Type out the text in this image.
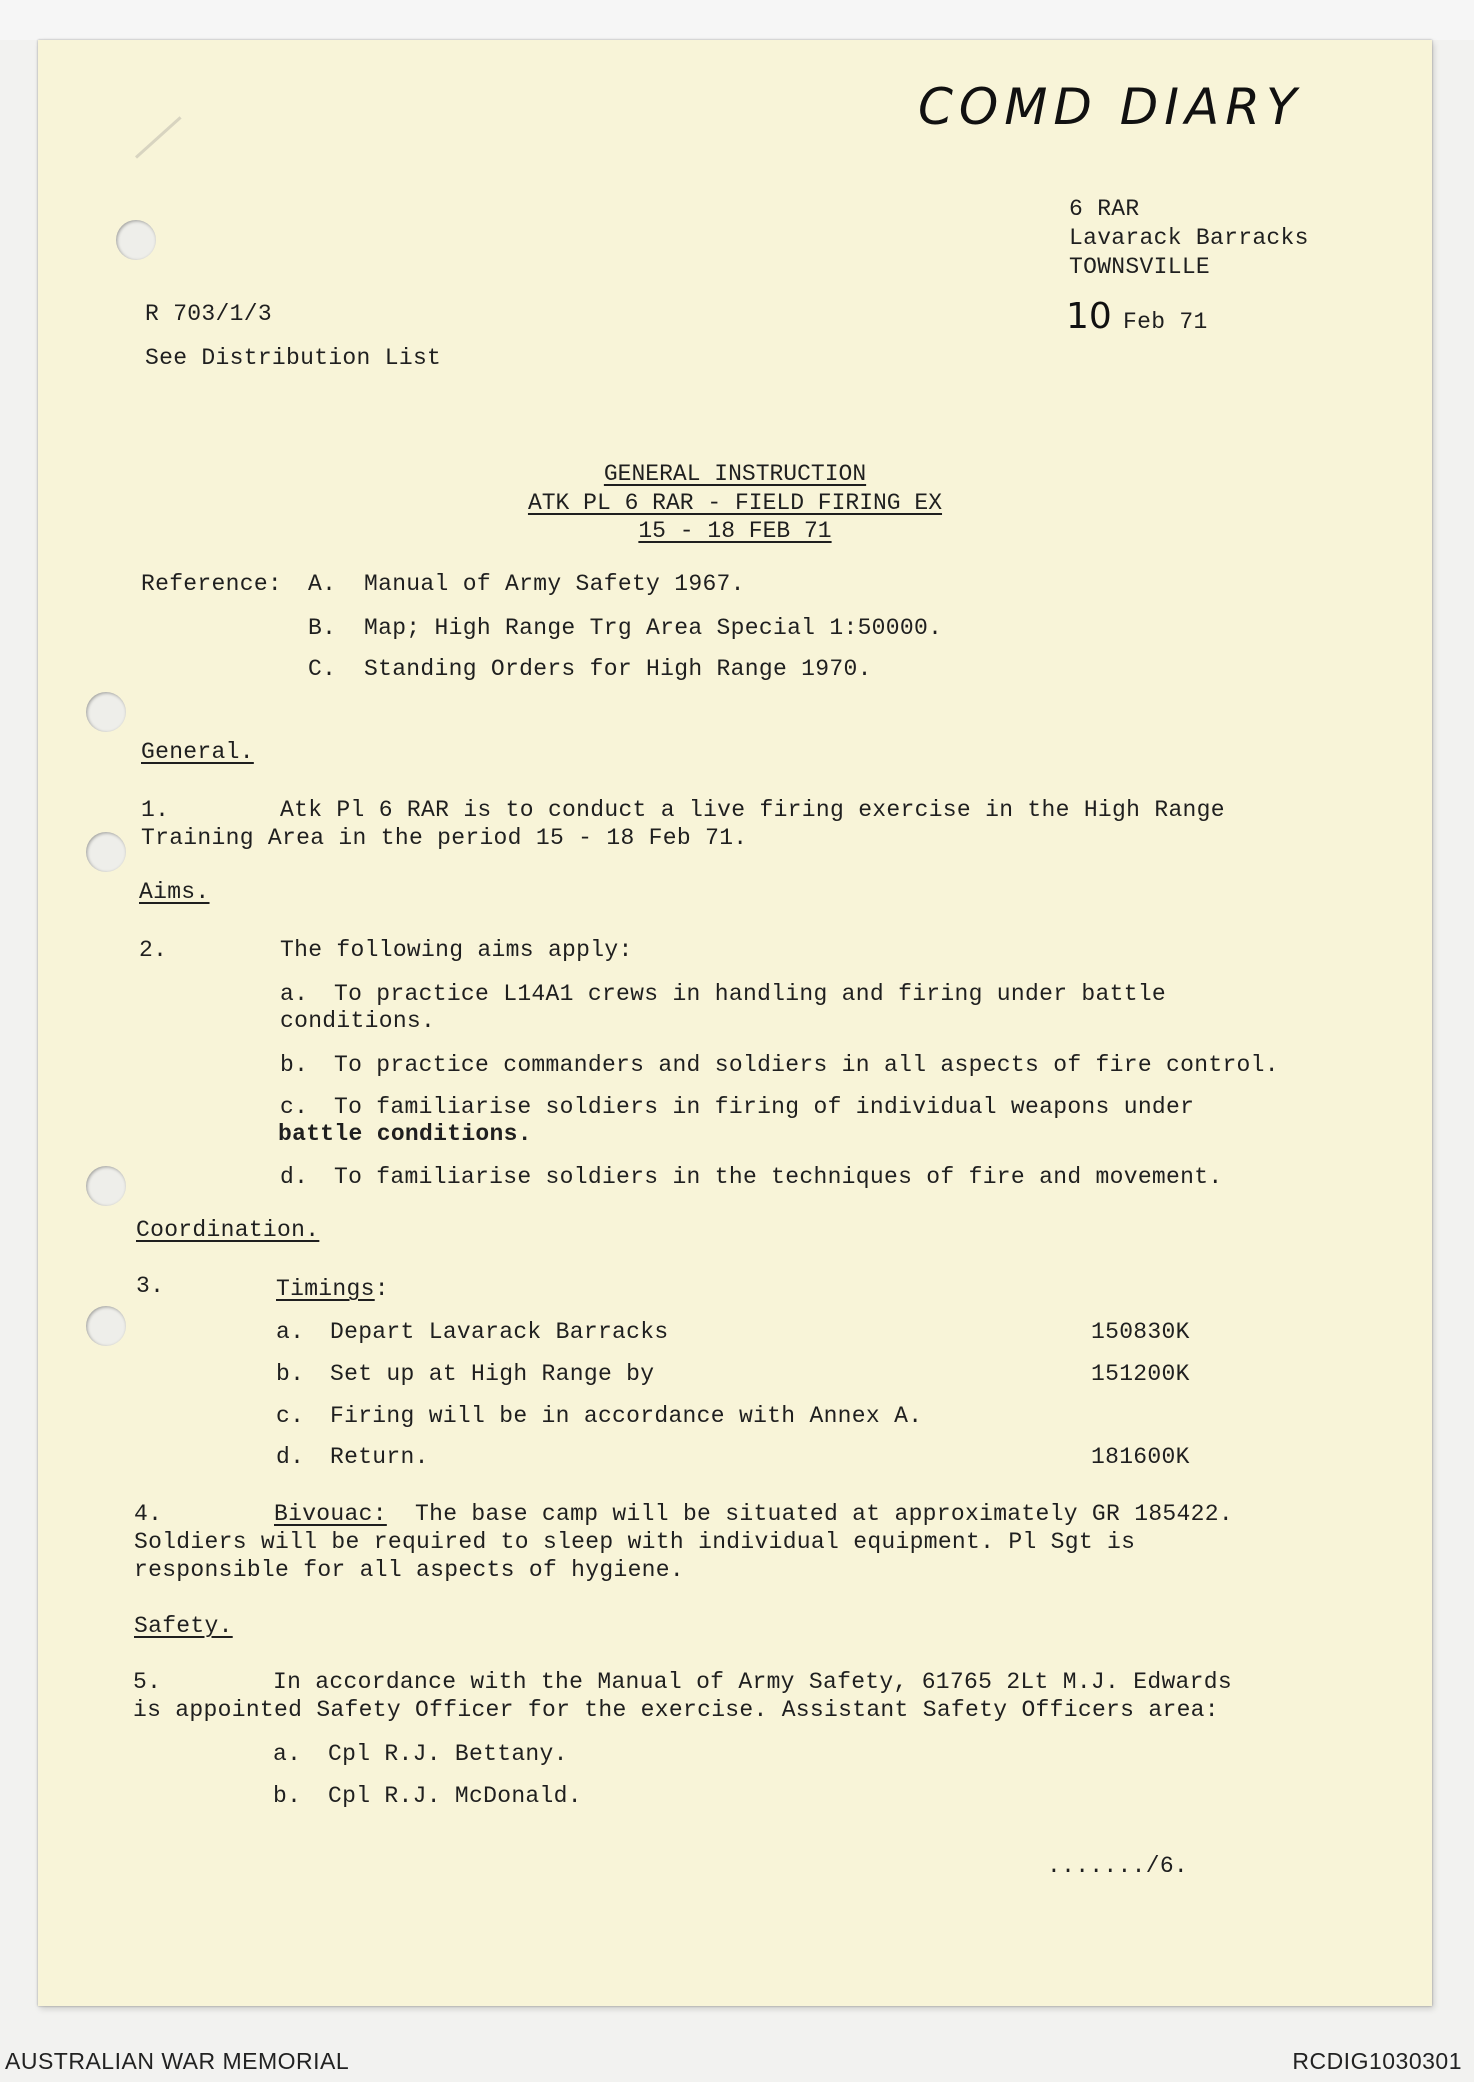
COMD DIARY
6 RAR
Lavarack Barracks
TOWNSVILLE
10 Feb 71
R 703/1/3
See Distribution List
GENERAL INSTRUCTION
ATK PL 6 RAR - FIELD FIRING EX
15 - 18 FEB 71
Reference: A. Manual of Army Safety 1967.
B. Map; High Range Trg Area Special 1:50000.
C. Standing Orders for High Range 1970.
General.
1.	Atk Pl 6 RAR is to conduct a live firing exercise in the High Range
Training Area in the period 15 - 18 Feb 71.
Aims.
2.	The following aims apply:
a. To practice L14A1 crews in handling and firing under battle
conditions.
b. To practice commanders and soldiers in all aspects of fire control.
c. To familiarise soldiers in firing of individual weapons under
battle conditions.
d. To familiarise soldiers in the techniques of fire and movement.
Coordination.
3.	Timings:
a. Depart Lavarack Barracks	150830K
b. Set up at High Range by	151200K
c. Firing will be in accordance with Annex A.
d. Return.	181600K
4.	Bivouac: The base camp will be situated at approximately GR 185422.
Soldiers will be required to sleep with individual equipment. Pl Sgt is
responsible for all aspects of hygiene.
Safety.
5.	In accordance with the Manual of Army Safety, 61765 2Lt M.J. Edwards
is appointed Safety Officer for the exercise. Assistant Safety Officers area:
a. Cpl R.J. Bettany.
b. Cpl R.J. McDonald.
......./6.
AUSTRALIAN WAR MEMORIAL	RCDIG1030301
